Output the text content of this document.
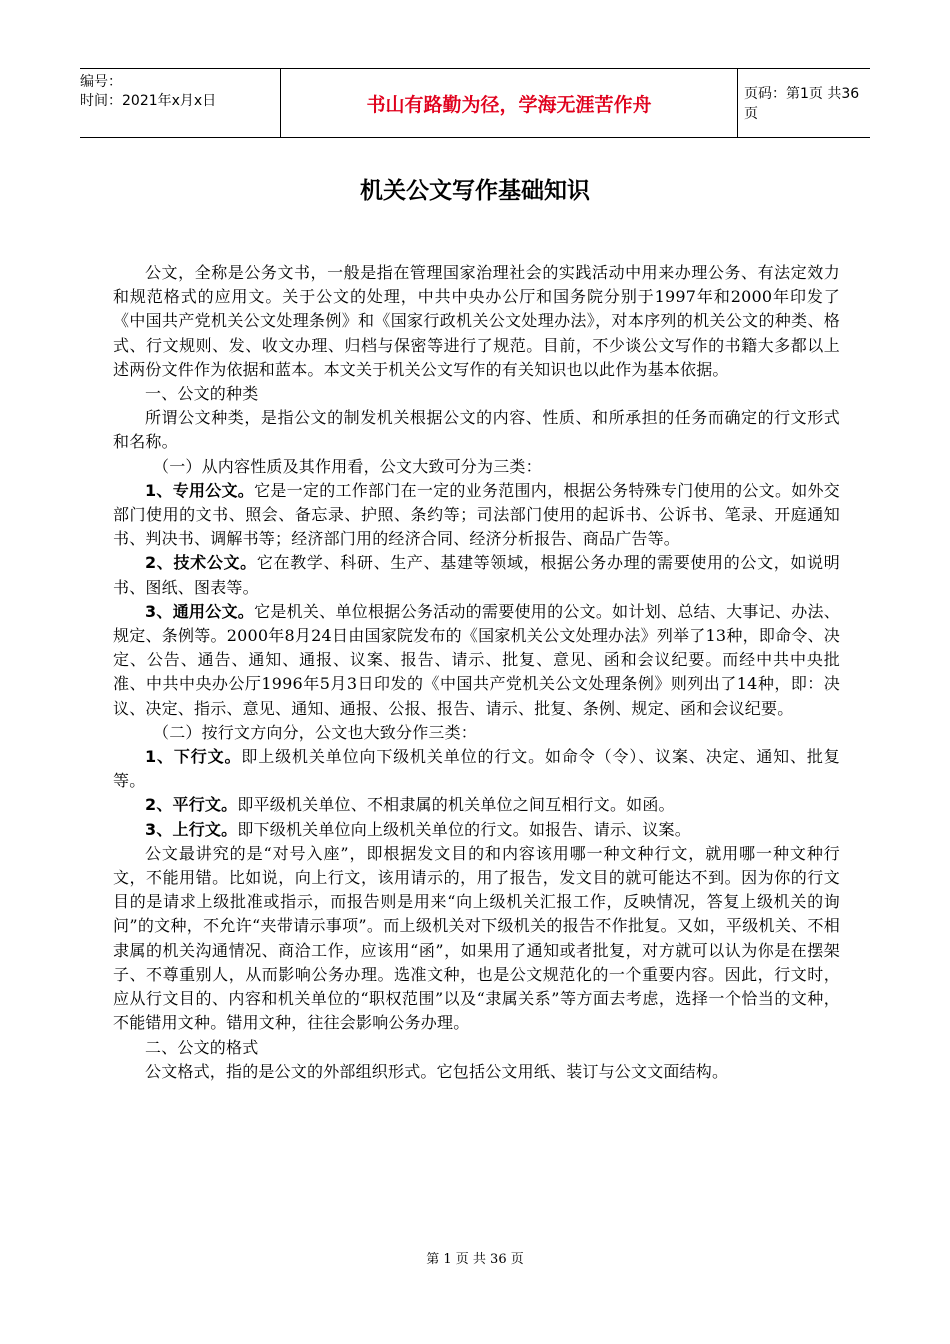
编号：
时间：2021年x月x日	书山有路勤为径，学海无涯苦作舟	页码：第1页 共36页
机关公文写作基础知识

公文，全称是公务文书，一般是指在管理国家治理社会的实践活动中用来办理公务、有法定效力和规范格式的应用文。关于公文的处理，中共中央办公厅和国务院分别于1997年和2000年印发了《中国共产党机关公文处理条例》和《国家行政机关公文处理办法》，对本序列的机关公文的种类、格式、行文规则、发、收文办理、归档与保密等进行了规范。目前，不少谈公文写作的书籍大多都以上述两份文件作为依据和蓝本。本文关于机关公文写作的有关知识也以此作为基本依据。

一、公文的种类

所谓公文种类，是指公文的制发机关根据公文的内容、性质、和所承担的任务而确定的行文形式和名称。

（一）从内容性质及其作用看，公文大致可分为三类：

1、专用公文。它是一定的工作部门在一定的业务范围内，根据公务特殊专门使用的公文。如外交部门使用的文书、照会、备忘录、护照、条约等；司法部门使用的起诉书、公诉书、笔录、开庭通知书、判决书、调解书等；经济部门用的经济合同、经济分析报告、商品广告等。

2、技术公文。它在教学、科研、生产、基建等领域，根据公务办理的需要使用的公文，如说明书、图纸、图表等。

3、通用公文。它是机关、单位根据公务活动的需要使用的公文。如计划、总结、大事记、办法、规定、条例等。2000年8月24日由国家院发布的《国家机关公文处理办法》列举了13种，即命令、决定、公告、通告、通知、通报、议案、报告、请示、批复、意见、函和会议纪要。而经中共中央批准、中共中央办公厅1996年5月3日印发的《中国共产党机关公文处理条例》则列出了14种，即：决议、决定、指示、意见、通知、通报、公报、报告、请示、批复、条例、规定、函和会议纪要。

（二）按行文方向分，公文也大致分作三类：

1、下行文。即上级机关单位向下级机关单位的行文。如命令（令）、议案、决定、通知、批复等。

2、平行文。即平级机关单位、不相隶属的机关单位之间互相行文。如函。

3、上行文。即下级机关单位向上级机关单位的行文。如报告、请示、议案。

公文最讲究的是“对号入座”，即根据发文目的和内容该用哪一种文种行文，就用哪一种文种行文，不能用错。比如说，向上行文，该用请示的，用了报告，发文目的就可能达不到。因为你的行文目的是请求上级批准或指示，而报告则是用来“向上级机关汇报工作，反映情况，答复上级机关的询问”的文种，不允许“夹带请示事项”。而上级机关对下级机关的报告不作批复。又如，平级机关、不相隶属的机关沟通情况、商洽工作，应该用“函”，如果用了通知或者批复，对方就可以认为你是在摆架子、不尊重别人，从而影响公务办理。选准文种，也是公文规范化的一个重要内容。因此，行文时，应从行文目的、内容和机关单位的“职权范围”以及“隶属关系”等方面去考虑，选择一个恰当的文种，不能错用文种。错用文种，往往会影响公务办理。

二、公文的格式

公文格式，指的是公文的外部组织形式。它包括公文用纸、装订与公文文面结构。

第 1 页 共 36 页
